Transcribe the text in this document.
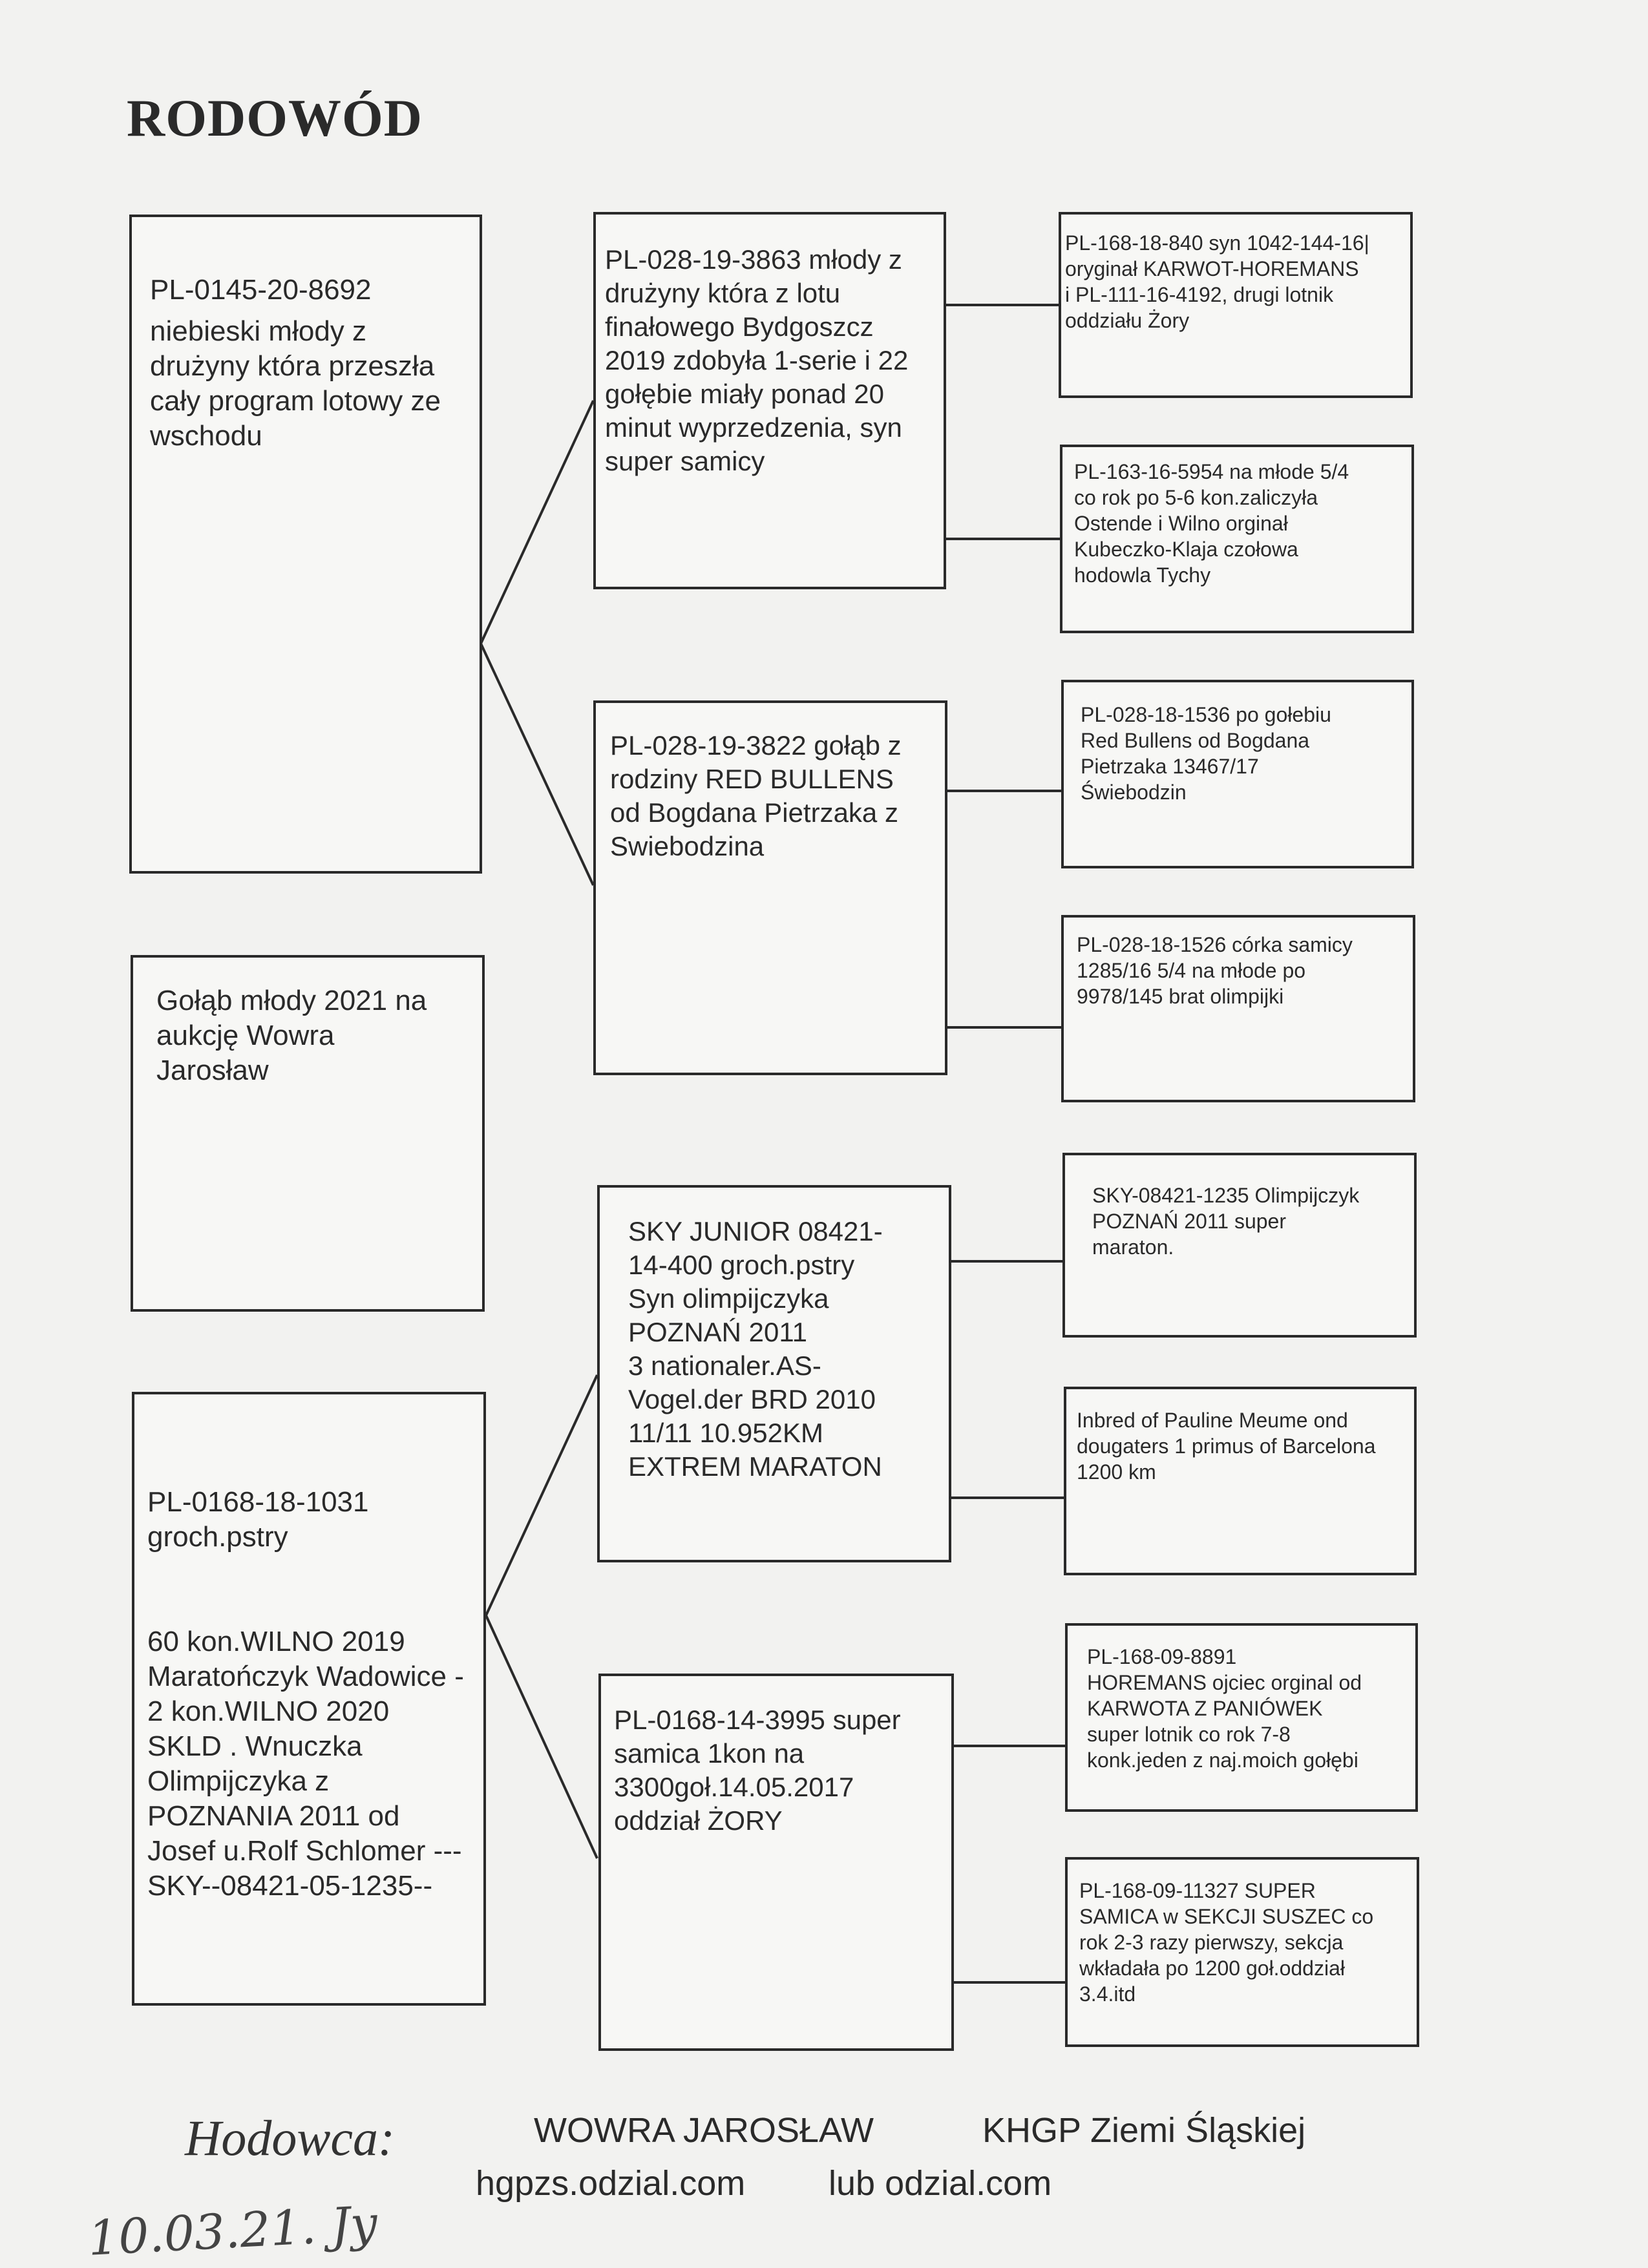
RODOWÓD
PL-0145-20-8692
niebieski młody z drużyny która przeszła cały program lotowy ze wschodu
Gołąb młody 2021 na aukcję Wowra Jarosław
PL-0168-18-1031
groch.pstry

60 kon.WILNO 2019
Maratończyk Wadowice -
2 kon.WILNO 2020
SKLD . Wnuczka
Olimpijczyka z
POZNANIA 2011 od
Josef u.Rolf Schlomer ---
SKY--08421-05-1235--
PL-028-19-3863 młody z
drużyny która z lotu
finałowego Bydgoszcz
2019 zdobyła 1-serie i 22
gołębie miały ponad 20
minut wyprzedzenia, syn
super samicy
PL-028-19-3822 gołąb z
rodziny RED BULLENS
od Bogdana Pietrzaka z
Swiebodzina
SKY JUNIOR 08421-
14-400 groch.pstry
Syn olimpijczyka
POZNAŃ 2011
3 nationaler.AS-
Vogel.der BRD 2010
11/11 10.952KM
EXTREM MARATON
PL-0168-14-3995 super
samica 1kon na
3300goł.14.05.2017
oddział ŻORY
PL-168-18-840 syn 1042-144-16|
oryginał KARWOT-HOREMANS
i PL-111-16-4192, drugi lotnik
oddziału Żory
PL-163-16-5954 na młode 5/4
co rok po 5-6 kon.zaliczyła
Ostende i Wilno orginał
Kubeczko-Klaja czołowa
hodowla Tychy
PL-028-18-1536 po gołebiu
Red Bullens od Bogdana
Pietrzaka 13467/17
Świebodzin
PL-028-18-1526 córka samicy
1285/16 5/4 na młode po
9978/145 brat olimpijki
SKY-08421-1235 Olimpijczyk
POZNAŃ 2011 super
maraton.
Inbred of Pauline Meume ond
dougaters 1 primus of Barcelona
1200 km
PL-168-09-8891
HOREMANS ojciec orginal od
KARWOTA Z PANIÓWEK
super lotnik co rok 7-8
konk.jeden z naj.moich gołębi
PL-168-09-11327 SUPER
SAMICA w SEKCJI SUSZEC co
rok 2-3 razy pierwszy, sekcja
wkładała po 1200 goł.oddział
3.4.itd
Hodowca:	WOWRA JAROSŁAW	KHGP Ziemi Śląskiej
hgpzs.odzial.com lub odzial.com
10.03.21. Jy
